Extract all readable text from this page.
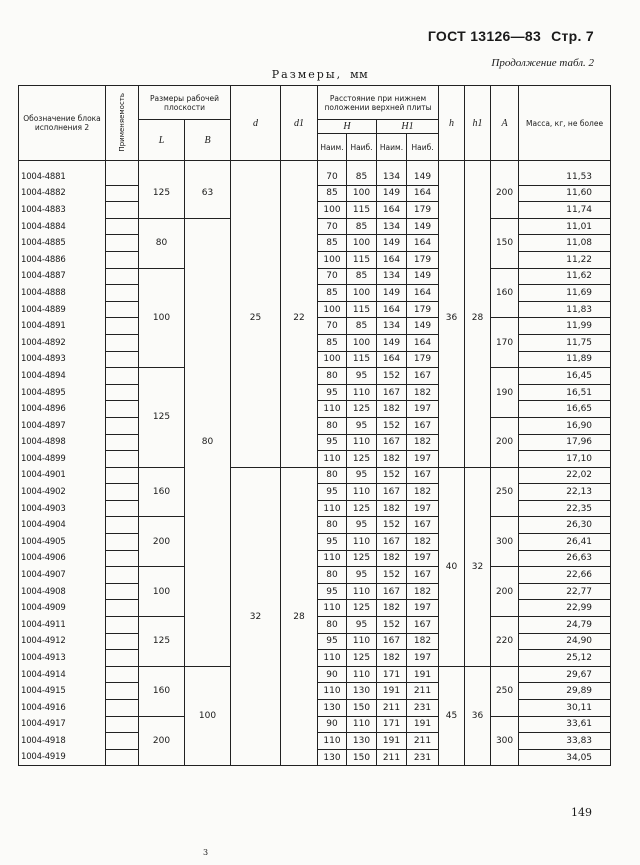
ГОСТ 13126—83 Стр. 7
Продолжение табл. 2
Размеры, мм
Обозначение блока исполнения 2	Применяемость	Размеры рабочей плоскости		d	d1	Расстояние при нижнем положении верхней плиты				h	h1	A	Масса, кг, не более
		L	B			H		H1					
						Наим.	Наиб.	Наим.	Наиб.				

1004-4881		125	63	25	22	70	85	134	149	36	28	200	11,53
1004-4882						85	100	149	164				11,60
1004-4883						100	115	164	179				11,74
1004-4884		80	80			70	85	134	149			150	11,01
1004-4885						85	100	149	164				11,08
1004-4886						100	115	164	179				11,22
1004-4887		100				70	85	134	149			160	11,62
1004-4888						85	100	149	164				11,69
1004-4889						100	115	164	179				11,83
1004-4891						70	85	134	149			170	11,99
1004-4892						85	100	149	164				11,75
1004-4893						100	115	164	179				11,89
1004-4894		125				80	95	152	167			190	16,45
1004-4895						95	110	167	182				16,51
1004-4896						110	125	182	197				16,65
1004-4897						80	95	152	167			200	16,90
1004-4898						95	110	167	182				17,96
1004-4899						110	125	182	197				17,10
1004-4901		160		32	28	80	95	152	167	40	32	250	22,02
1004-4902						95	110	167	182				22,13
1004-4903						110	125	182	197				22,35
1004-4904		200				80	95	152	167			300	26,30
1004-4905						95	110	167	182				26,41
1004-4906						110	125	182	197				26,63
1004-4907		100				80	95	152	167			200	22,66
1004-4908						95	110	167	182				22,77
1004-4909						110	125	182	197				22,99
1004-4911		125				80	95	152	167			220	24,79
1004-4912						95	110	167	182				24,90
1004-4913						110	125	182	197				25,12
1004-4914		160	100			90	110	171	191	45	36	250	29,67
1004-4915						110	130	191	211				29,89
1004-4916						130	150	211	231				30,11
1004-4917		200				90	110	171	191			300	33,61
1004-4918						110	130	191	211				33,83
1004-4919						130	150	211	231				34,05
149
3
